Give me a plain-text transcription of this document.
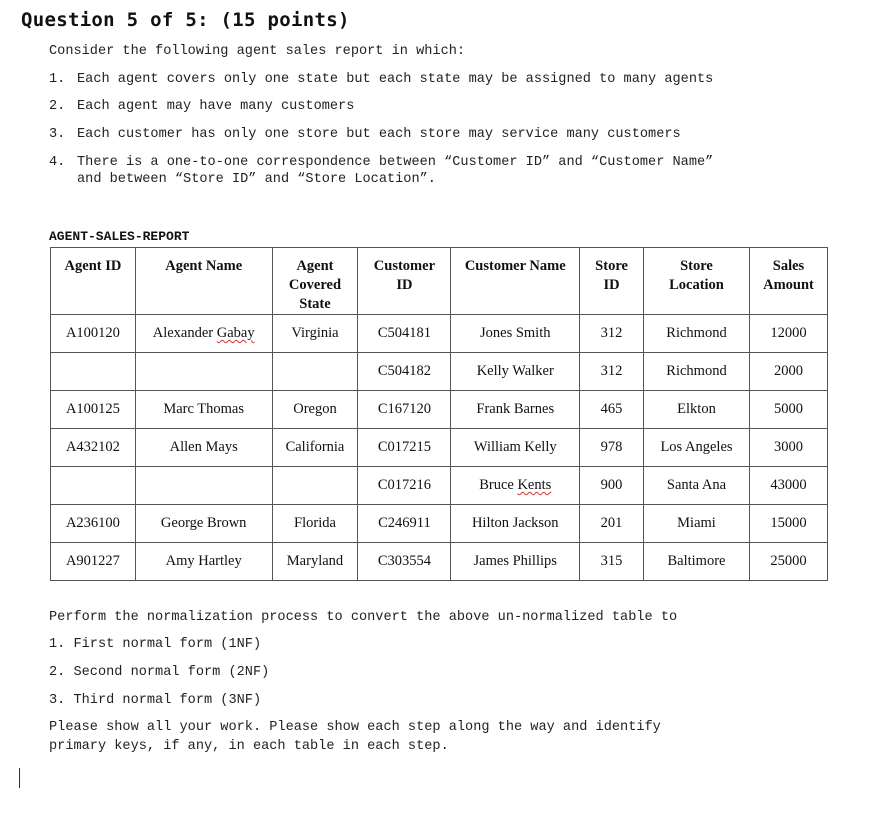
Question 5 of 5: (15 points)
Consider the following agent sales report in which:
1. Each agent covers only one state but each state may be assigned to many agents
2. Each agent may have many customers
3. Each customer has only one store but each store may service many customers
4. There is a one-to-one correspondence between “Customer ID” and “Customer Name”
and between “Store ID” and “Store Location”.
AGENT-SALES-REPORT
Agent ID	Agent Name	Agent Covered State	Customer ID	Customer Name	Store ID	Store Location	Sales Amount
A100120	Alexander Gabay	Virginia	C504181	Jones Smith	312	Richmond	12000
			C504182	Kelly Walker	312	Richmond	2000
A100125	Marc Thomas	Oregon	C167120	Frank Barnes	465	Elkton	5000
A432102	Allen Mays	California	C017215	William Kelly	978	Los Angeles	3000
			C017216	Bruce Kents	900	Santa Ana	43000
A236100	George Brown	Florida	C246911	Hilton Jackson	201	Miami	15000
A901227	Amy Hartley	Maryland	C303554	James Phillips	315	Baltimore	25000
Perform the normalization process to convert the above un-normalized table to
1. First normal form (1NF)
2. Second normal form (2NF)
3. Third normal form (3NF)
Please show all your work. Please show each step along the way and identify
primary keys, if any, in each table in each step.
